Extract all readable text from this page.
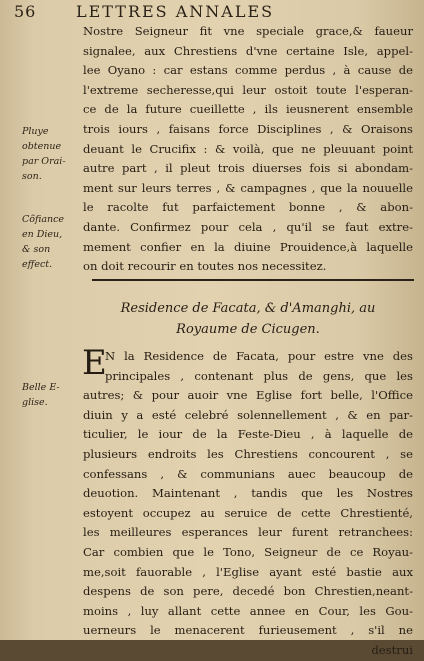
56 LETTRES ANNALES
Nostre Seigneur fit vne speciale grace,& faueur
signalee, aux Chrestiens d'vne certaine Isle, appel-
lee Oyano : car estans comme perdus , à cause de
l'extreme secheresse,qui leur ostoit toute l'esperan-
ce de la future cueillette , ils ieusnerent ensemble
trois iours , faisans force Disciplines , & Oraisons
deuant le Crucifix : & voilà, que ne pleuuant point
autre part , il pleut trois diuerses fois si abondam-
ment sur leurs terres , & campagnes , que la nouuelle
le racolte fut parfaictement bonne , & abon-
dante. Confirmez pour cela , qu'il se faut extre-
mement confier en la diuine Prouidence,à laquelle
on doit recourir en toutes nos necessitez.
Pluye
obtenue
par Orai-
son.
Cõfiance
en Dieu,
& son
effect.
Residence de Facata, & d'Amanghi, au
Royaume de Cicugen.
E
N la Residence de Facata, pour estre vne des
principales , contenant plus de gens, que les
autres; & pour auoir vne Eglise fort belle, l'Office
diuin y a esté celebré solennellement , & en par-
ticulier, le iour de la Feste-Dieu , à laquelle de
plusieurs endroits les Chrestiens concourent , se
confessans , & communians auec beaucoup de
deuotion. Maintenant , tandis que les Nostres
estoyent occupez au seruice de cette Chrestienté,
les meilleures esperances leur furent retranchees:
Car combien que le Tono, Seigneur de ce Royau-
me,soit fauorable , l'Eglise ayant esté bastie aux
despens de son pere, decedé bon Chrestien,neant-
moins , luy allant cette annee en Cour, les Gou-
uerneurs le menacerent furieusement , s'il ne
destrui
Belle E-
glise.
